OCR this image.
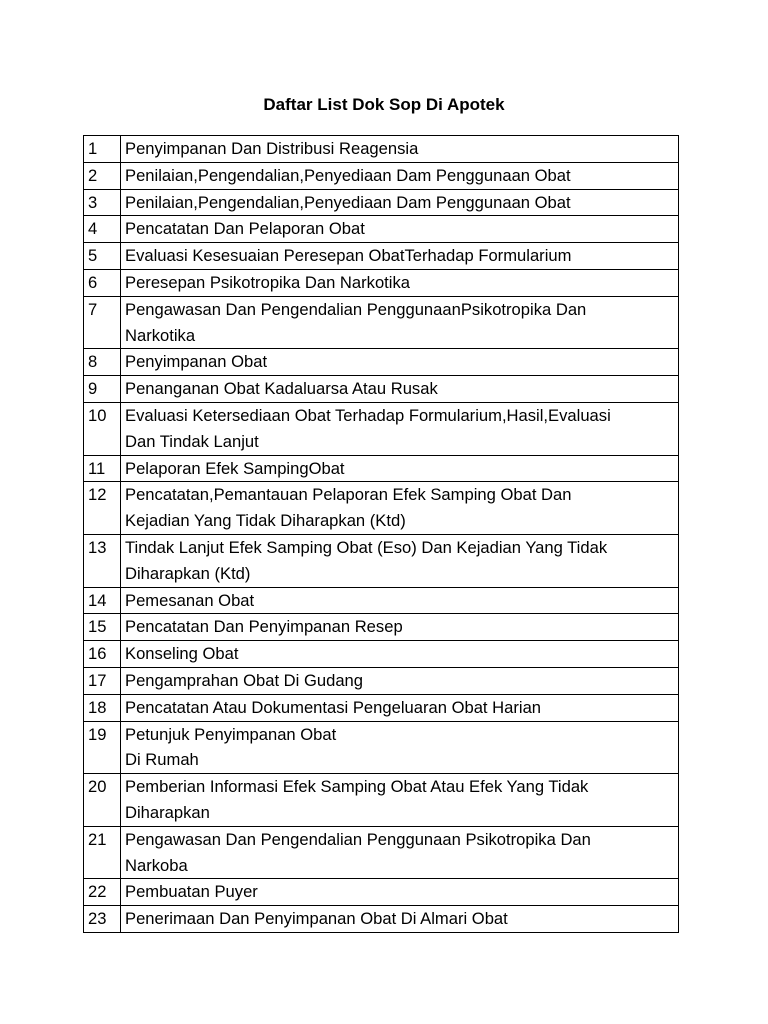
Daftar List Dok Sop Di Apotek
1	Penyimpanan Dan Distribusi Reagensia
2	Penilaian,Pengendalian,Penyediaan Dam Penggunaan Obat
3	Penilaian,Pengendalian,Penyediaan Dam Penggunaan Obat
4	Pencatatan Dan Pelaporan Obat
5	Evaluasi Kesesuaian Peresepan ObatTerhadap Formularium
6	Peresepan Psikotropika Dan Narkotika
7	Pengawasan Dan Pengendalian PenggunaanPsikotropika Dan
Narkotika
8	Penyimpanan Obat
9	Penanganan Obat Kadaluarsa Atau Rusak
10	Evaluasi Ketersediaan Obat Terhadap Formularium,Hasil,Evaluasi
Dan Tindak Lanjut
11	Pelaporan Efek SampingObat
12	Pencatatan,Pemantauan Pelaporan Efek Samping Obat Dan
Kejadian Yang Tidak Diharapkan (Ktd)
13	Tindak Lanjut Efek Samping Obat (Eso) Dan Kejadian Yang Tidak
Diharapkan (Ktd)
14	Pemesanan Obat
15	Pencatatan Dan Penyimpanan Resep
16	Konseling Obat
17	Pengamprahan Obat Di Gudang
18	Pencatatan Atau Dokumentasi Pengeluaran Obat Harian
19	Petunjuk Penyimpanan Obat
Di Rumah
20	Pemberian Informasi Efek Samping Obat Atau Efek Yang Tidak
Diharapkan
21	Pengawasan Dan Pengendalian Penggunaan Psikotropika Dan
Narkoba
22	Pembuatan Puyer
23	Penerimaan Dan Penyimpanan Obat Di Almari Obat
